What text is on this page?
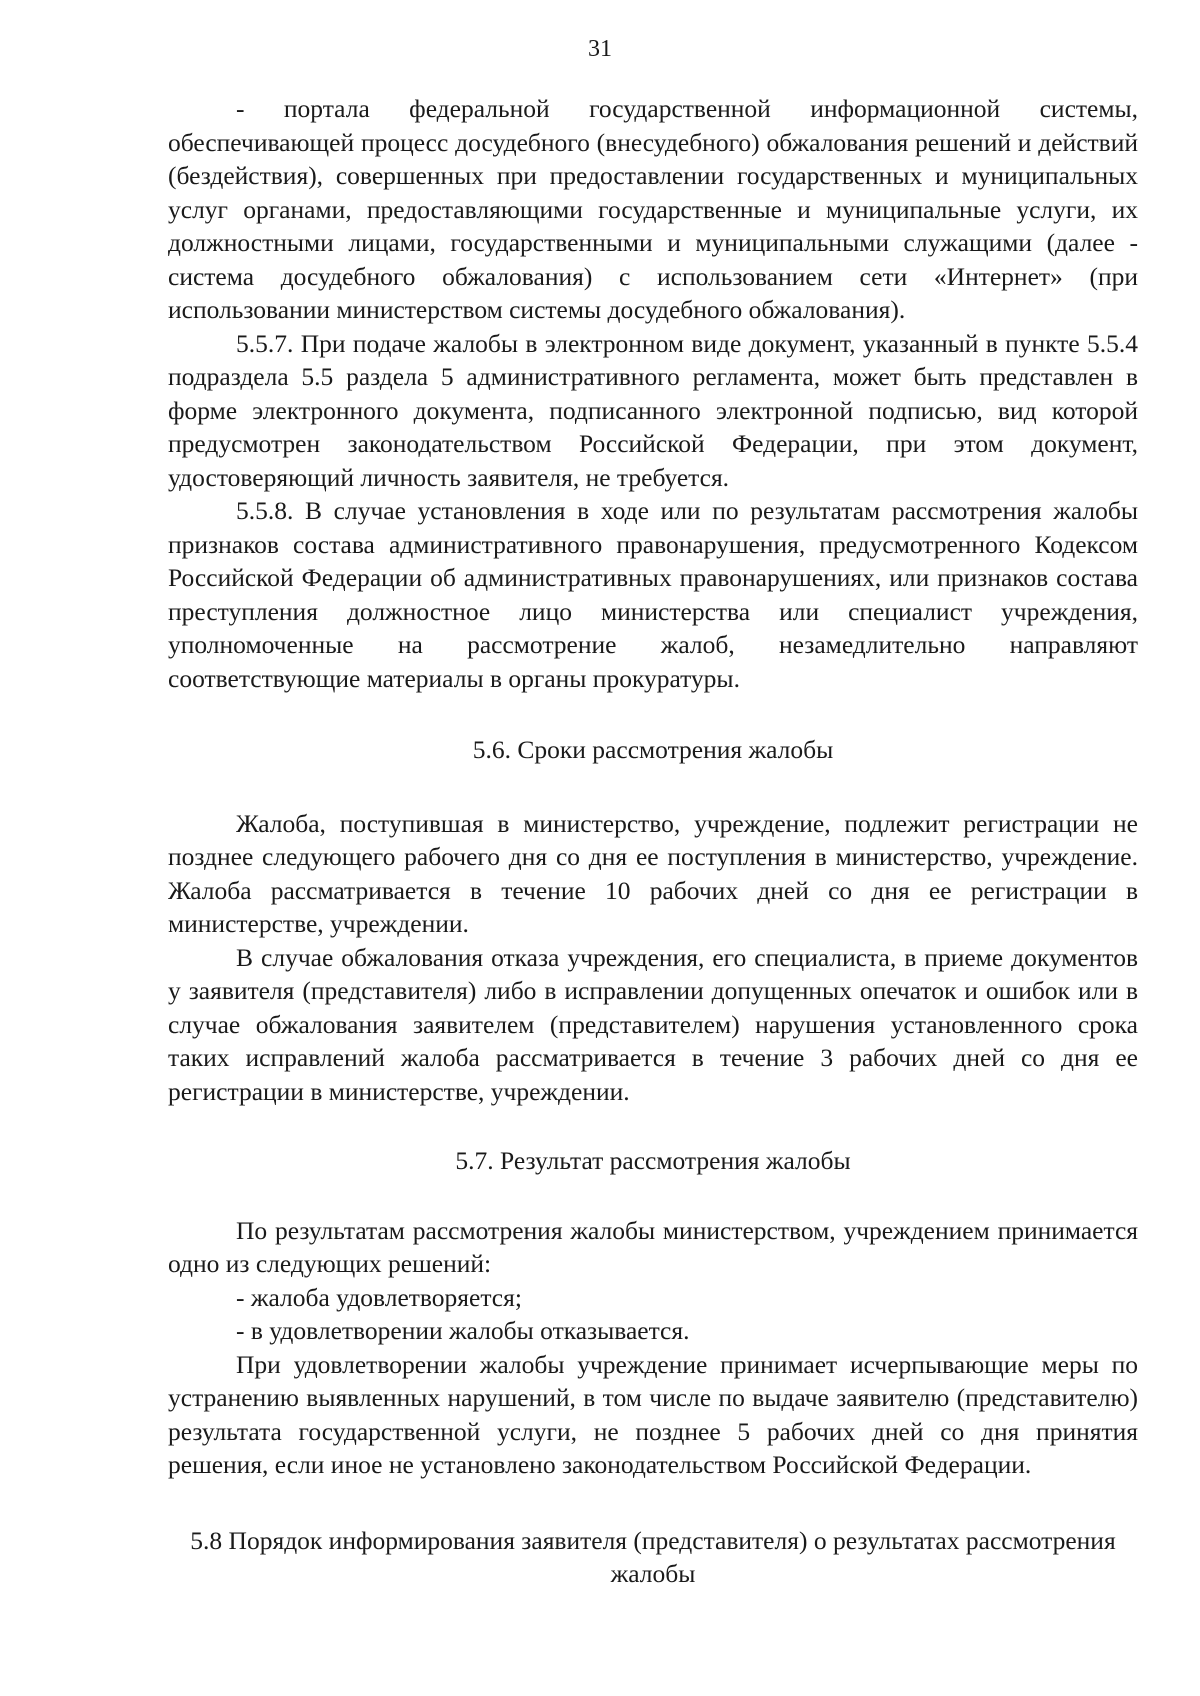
31

- портала федеральной государственной информационной системы, обеспечивающей процесс досудебного (внесудебного) обжалования решений и действий (бездействия), совершенных при предоставлении государственных и муниципальных услуг органами, предоставляющими государственные и муниципальные услуги, их должностными лицами, государственными и муниципальными служащими (далее - система досудебного обжалования) с использованием сети «Интернет» (при использовании министерством системы досудебного обжалования).

5.5.7. При подаче жалобы в электронном виде документ, указанный в пункте 5.5.4 подраздела 5.5 раздела 5 административного регламента, может быть представлен в форме электронного документа, подписанного электронной подписью, вид которой предусмотрен законодательством Российской Федерации, при этом документ, удостоверяющий личность заявителя, не требуется.

5.5.8. В случае установления в ходе или по результатам рассмотрения жалобы признаков состава административного правонарушения, предусмотренного Кодексом Российской Федерации об административных правонарушениях, или признаков состава преступления должностное лицо министерства или специалист учреждения, уполномоченные на рассмотрение жалоб, незамедлительно направляют соответствующие материалы в органы прокуратуры.

5.6. Сроки рассмотрения жалобы

Жалоба, поступившая в министерство, учреждение, подлежит регистрации не позднее следующего рабочего дня со дня ее поступления в министерство, учреждение. Жалоба рассматривается в течение 10 рабочих дней со дня ее регистрации в министерстве, учреждении.

В случае обжалования отказа учреждения, его специалиста, в приеме документов у заявителя (представителя) либо в исправлении допущенных опечаток и ошибок или в случае обжалования заявителем (представителем) нарушения установленного срока таких исправлений жалоба рассматривается в течение 3 рабочих дней со дня ее регистрации в министерстве, учреждении.

5.7. Результат рассмотрения жалобы

По результатам рассмотрения жалобы министерством, учреждением принимается одно из следующих решений:

- жалоба удовлетворяется;

- в удовлетворении жалобы отказывается.

При удовлетворении жалобы учреждение принимает исчерпывающие меры по устранению выявленных нарушений, в том числе по выдаче заявителю (представителю) результата государственной услуги, не позднее 5 рабочих дней со дня принятия решения, если иное не установлено законодательством Российской Федерации.

5.8 Порядок информирования заявителя (представителя) о результатах рассмотрения жалобы
